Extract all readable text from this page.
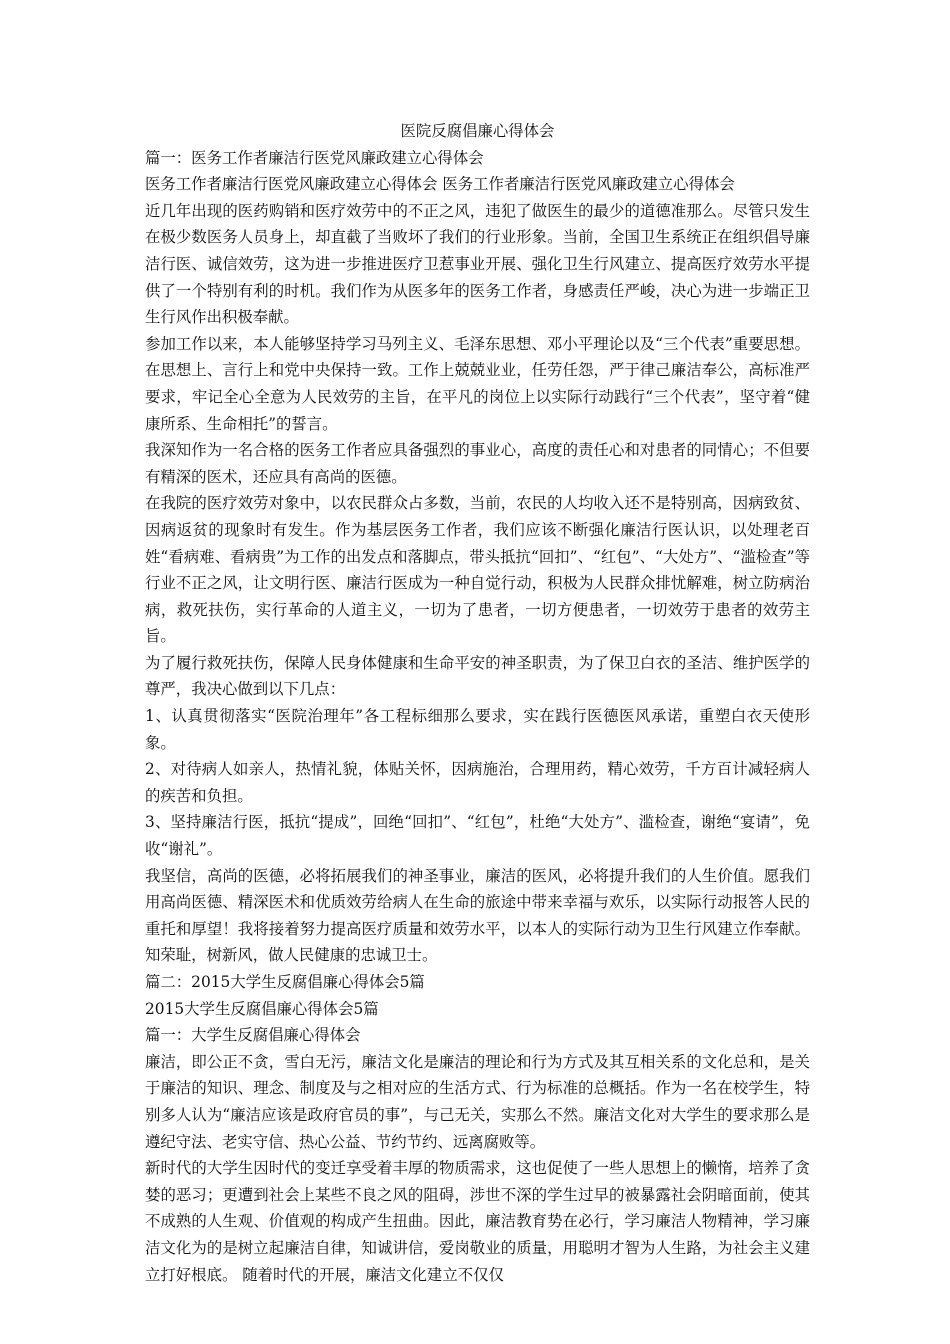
医院反腐倡廉心得体会

篇一：医务工作者廉洁行医党风廉政建立心得体会

医务工作者廉洁行医党风廉政建立心得体会 医务工作者廉洁行医党风廉政建立心得体会

近几年出现的医药购销和医疗效劳中的不正之风，违犯了做医生的最少的道德准那么。尽管只发生在极少数医务人员身上，却直截了当败坏了我们的行业形象。当前，全国卫生系统正在组织倡导廉洁行医、诚信效劳，这为进一步推进医疗卫惹事业开展、强化卫生行风建立、提高医疗效劳水平提供了一个特别有利的时机。我们作为从医多年的医务工作者，身感责任严峻，决心为进一步端正卫生行风作出积极奉献。

参加工作以来，本人能够坚持学习马列主义、毛泽东思想、邓小平理论以及“三个代表”重要思想。在思想上、言行上和党中央保持一致。工作上兢兢业业，任劳任怨，严于律己廉洁奉公，高标准严要求，牢记全心全意为人民效劳的主旨，在平凡的岗位上以实际行动践行“三个代表”，坚守着“健康所系、生命相托”的誓言。

我深知作为一名合格的医务工作者应具备强烈的事业心，高度的责任心和对患者的同情心；不但要有精深的医术，还应具有高尚的医德。

在我院的医疗效劳对象中，以农民群众占多数，当前，农民的人均收入还不是特别高，因病致贫、因病返贫的现象时有发生。作为基层医务工作者，我们应该不断强化廉洁行医认识，以处理老百姓“看病难、看病贵”为工作的出发点和落脚点，带头抵抗“回扣”、“红包”、“大处方”、“滥检查”等行业不正之风，让文明行医、廉洁行医成为一种自觉行动，积极为人民群众排忧解难，树立防病治病，救死扶伤，实行革命的人道主义，一切为了患者，一切方便患者，一切效劳于患者的效劳主旨。

为了履行救死扶伤，保障人民身体健康和生命平安的神圣职责，为了保卫白衣的圣洁、维护医学的尊严，我决心做到以下几点：

1、认真贯彻落实“医院治理年”各工程标细那么要求，实在践行医德医风承诺，重塑白衣天使形象。

2、对待病人如亲人，热情礼貌，体贴关怀，因病施治，合理用药，精心效劳，千方百计减轻病人的疾苦和负担。

3、坚持廉洁行医，抵抗“提成”，回绝“回扣”、“红包”，杜绝“大处方”、滥检查，谢绝“宴请”，免收“谢礼”。

我坚信，高尚的医德，必将拓展我们的神圣事业，廉洁的医风，必将提升我们的人生价值。愿我们用高尚医德、精深医术和优质效劳给病人在生命的旅途中带来幸福与欢乐，以实际行动报答人民的重托和厚望！我将接着努力提高医疗质量和效劳水平，以本人的实际行动为卫生行风建立作奉献。知荣耻，树新风，做人民健康的忠诚卫士。

篇二：2015大学生反腐倡廉心得体会5篇

2015大学生反腐倡廉心得体会5篇

篇一：大学生反腐倡廉心得体会

廉洁，即公正不贪，雪白无污，廉洁文化是廉洁的理论和行为方式及其互相关系的文化总和，是关于廉洁的知识、理念、制度及与之相对应的生活方式、行为标准的总概括。作为一名在校学生，特别多人认为“廉洁应该是政府官员的事”，与己无关，实那么不然。廉洁文化对大学生的要求那么是遵纪守法、老实守信、热心公益、节约节约、远离腐败等。

新时代的大学生因时代的变迁享受着丰厚的物质需求，这也促使了一些人思想上的懒惰，培养了贪婪的恶习；更遭到社会上某些不良之风的阻碍，涉世不深的学生过早的被暴露社会阴暗面前，使其不成熟的人生观、价值观的构成产生扭曲。因此，廉洁教育势在必行，学习廉洁人物精神，学习廉洁文化为的是树立起廉洁自律，知诚讲信，爱岗敬业的质量，用聪明才智为人生路，为社会主义建立打好根底。 随着时代的开展，廉洁文化建立不仅仅
